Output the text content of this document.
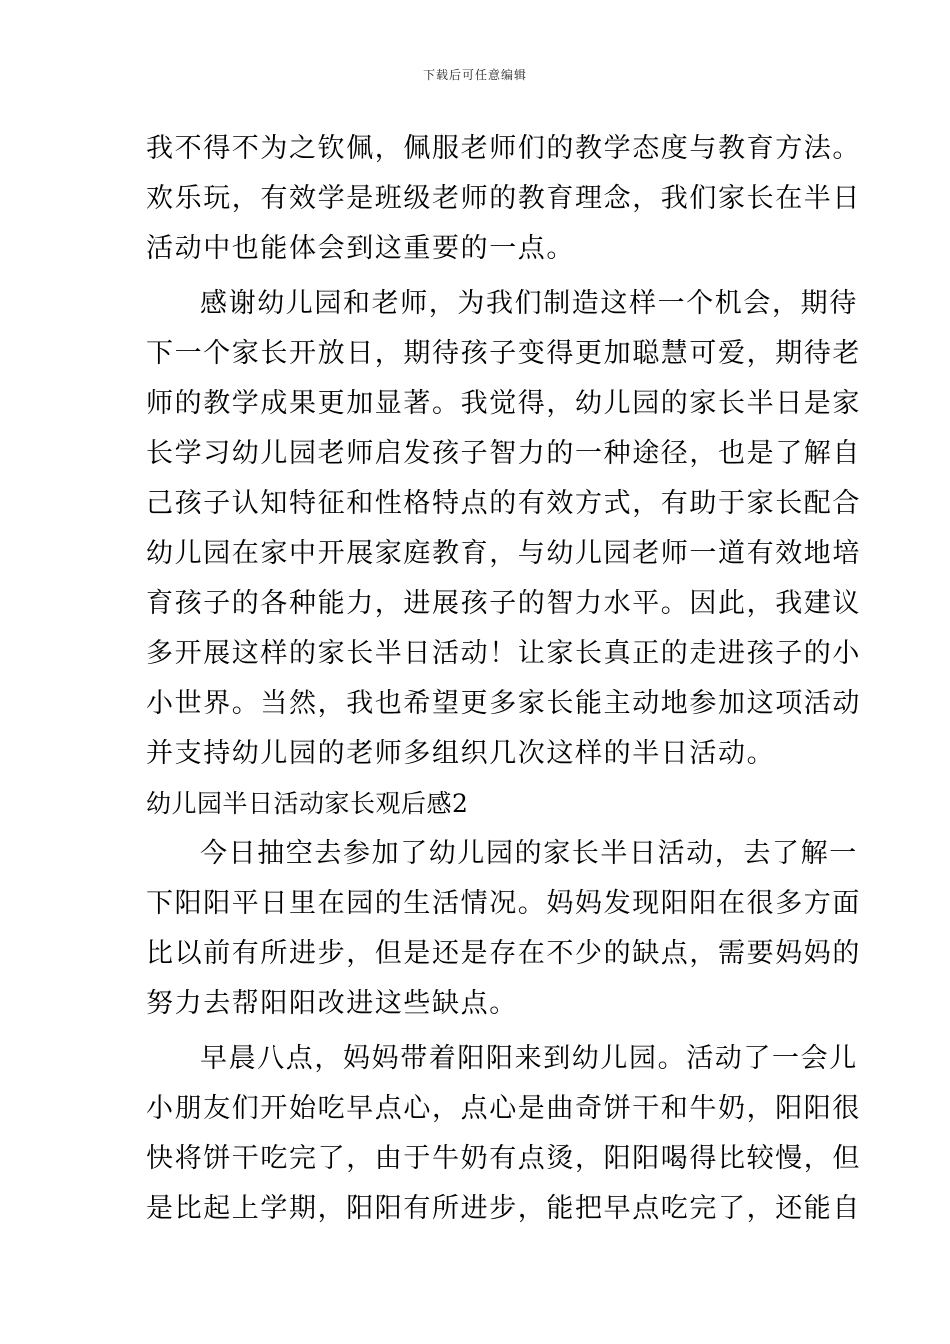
下载后可任意编辑
我不得不为之钦佩，佩服老师们的教学态度与教育方法。
欢乐玩，有效学是班级老师的教育理念，我们家长在半日
活动中也能体会到这重要的一点。
感谢幼儿园和老师，为我们制造这样一个机会，期待
下一个家长开放日，期待孩子变得更加聪慧可爱，期待老
师的教学成果更加显著。我觉得，幼儿园的家长半日是家
长学习幼儿园老师启发孩子智力的一种途径，也是了解自
己孩子认知特征和性格特点的有效方式，有助于家长配合
幼儿园在家中开展家庭教育，与幼儿园老师一道有效地培
育孩子的各种能力，进展孩子的智力水平。因此，我建议
多开展这样的家长半日活动！让家长真正的走进孩子的小
小世界。当然，我也希望更多家长能主动地参加这项活动
并支持幼儿园的老师多组织几次这样的半日活动。
幼儿园半日活动家长观后感2
今日抽空去参加了幼儿园的家长半日活动，去了解一
下阳阳平日里在园的生活情况。妈妈发现阳阳在很多方面
比以前有所进步，但是还是存在不少的缺点，需要妈妈的
努力去帮阳阳改进这些缺点。
早晨八点，妈妈带着阳阳来到幼儿园。活动了一会儿
小朋友们开始吃早点心，点心是曲奇饼干和牛奶，阳阳很
快将饼干吃完了，由于牛奶有点烫，阳阳喝得比较慢，但
是比起上学期，阳阳有所进步，能把早点吃完了，还能自
